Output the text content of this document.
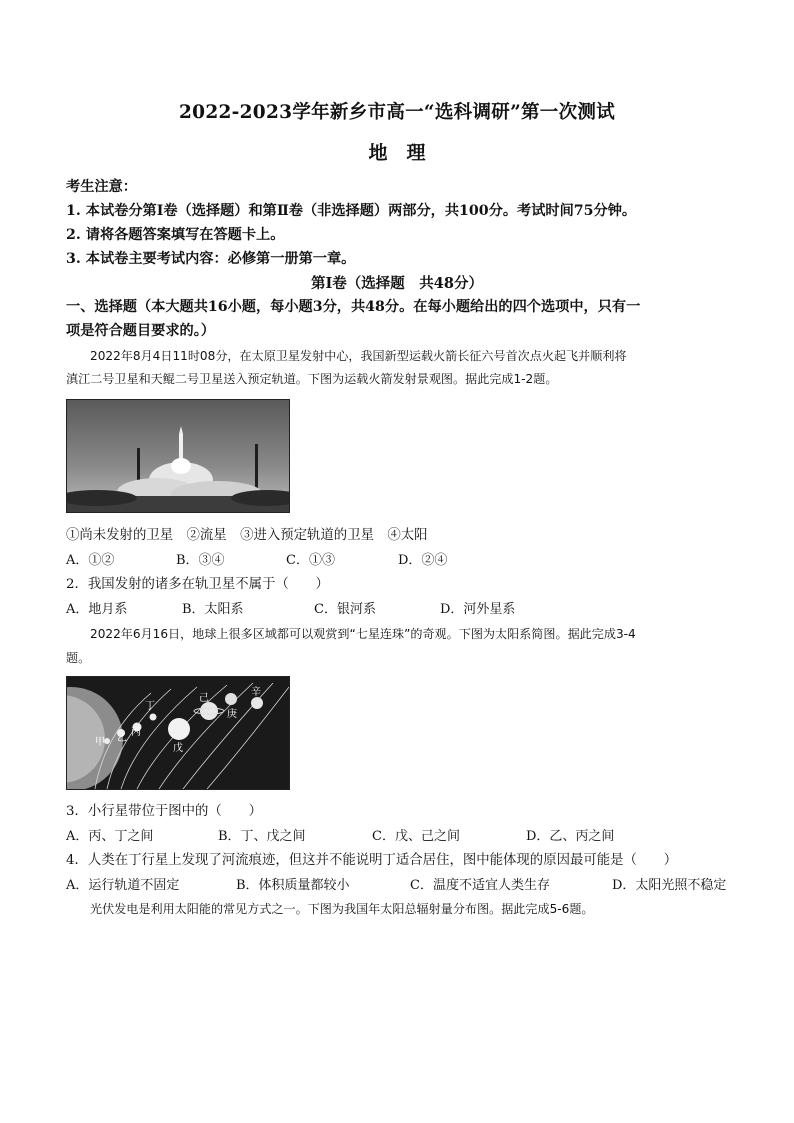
2022-2023学年新乡市高一“选科调研”第一次测试
地　理
考生注意：
1. 本试卷分第Ⅰ卷（选择题）和第Ⅱ卷（非选择题）两部分，共100分。考试时间75分钟。
2. 请将各题答案填写在答题卡上。
3. 本试卷主要考试内容：必修第一册第一章。
第Ⅰ卷（选择题　共48分）
一、选择题（本大题共16小题，每小题3分，共48分。在每小题给出的四个选项中，只有一
项是符合题目要求的。）
2022年8月4日11时08分，在太原卫星发射中心，我国新型运载火箭长征六号首次点火起飞并顺利将
滇江二号卫星和天鲲二号卫星送入预定轨道。下图为运载火箭发射景观图。据此完成1-2题。
①尚未发射的卫星　②流星　③进入预定轨道的卫星　④太阳
A．①②	B．③④	C．①③	D．②④
2．我国发射的诸多在轨卫星不属于（　　）
A．地月系	B．太阳系	C．银河系	D．河外星系
2022年6月16日，地球上很多区域都可以观赏到“七星连珠”的奇观。下图为太阳系简图。据此完成3-4
题。
甲 乙
丙
丁
戊
己
庚
辛
3．小行星带位于图中的（　　）
A．丙、丁之间	B．丁、戊之间	C．戊、己之间	D．乙、丙之间
4．人类在丁行星上发现了河流痕迹，但这并不能说明丁适合居住，图中能体现的原因最可能是（　　）
A．运行轨道不固定	B．体积质量都较小	C．温度不适宜人类生存	D．太阳光照不稳定
光伏发电是利用太阳能的常见方式之一。下图为我国年太阳总辐射量分布图。据此完成5-6题。
